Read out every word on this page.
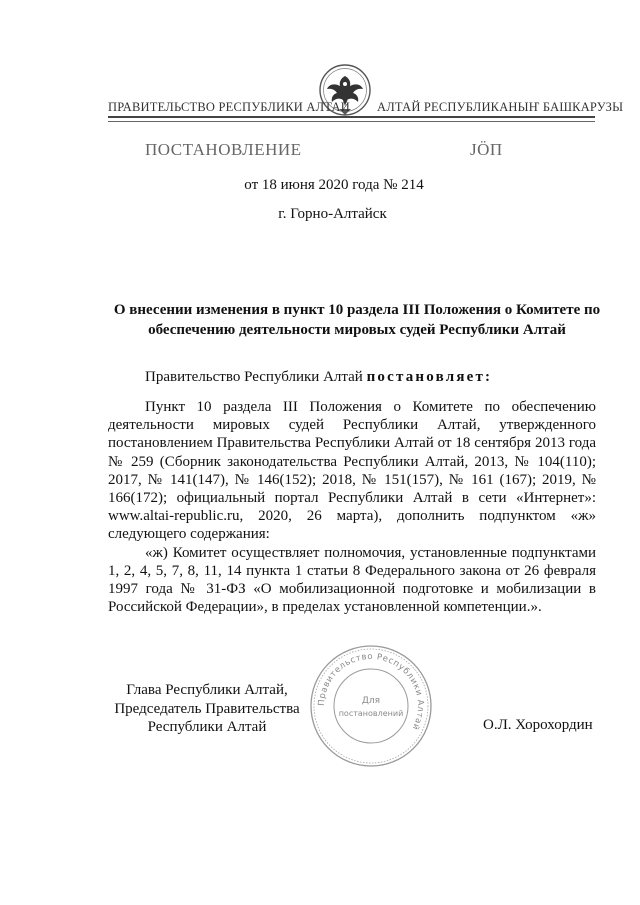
ПРАВИТЕЛЬСТВО РЕСПУБЛИКИ АЛТАЙ АЛТАЙ РЕСПУБЛИКАНЫҤ БАШКАРУЗЫ
ПОСТАНОВЛЕНИЕ	ЈӦП
от 18 июня 2020 года № 214
г. Горно-Алтайск
О внесении изменения в пункт 10 раздела III Положения о Комитете по обеспечению деятельности мировых судей Республики Алтай
Правительство Республики Алтай постановляет:

Пункт 10 раздела III Положения о Комитете по обеспечению деятельности мировых судей Республики Алтай, утвержденного постановлением Правительства Республики Алтай от 18 сентября 2013 года № 259 (Сборник законодательства Республики Алтай, 2013, № 104(110); 2017, № 141(147), № 146(152); 2018, № 151(157), № 161 (167); 2019, № 166(172); официальный портал Республики Алтай в сети «Интернет»: www.altai-republic.ru, 2020, 26 марта), дополнить подпунктом «ж» следующего содержания:

«ж) Комитет осуществляет полномочия, установленные подпунктами 1, 2, 4, 5, 7, 8, 11, 14 пункта 1 статьи 8 Федерального закона от 26 февраля 1997 года № 31-ФЗ «О мобилизационной подготовке и мобилизации в Российской Федерации», в пределах установленной компетенции.».

Глава Республики Алтай,
Председатель Правительства
Республики Алтай	О.Л. Хорохордин
Правительство Республики Алтай
Для
постановлений
